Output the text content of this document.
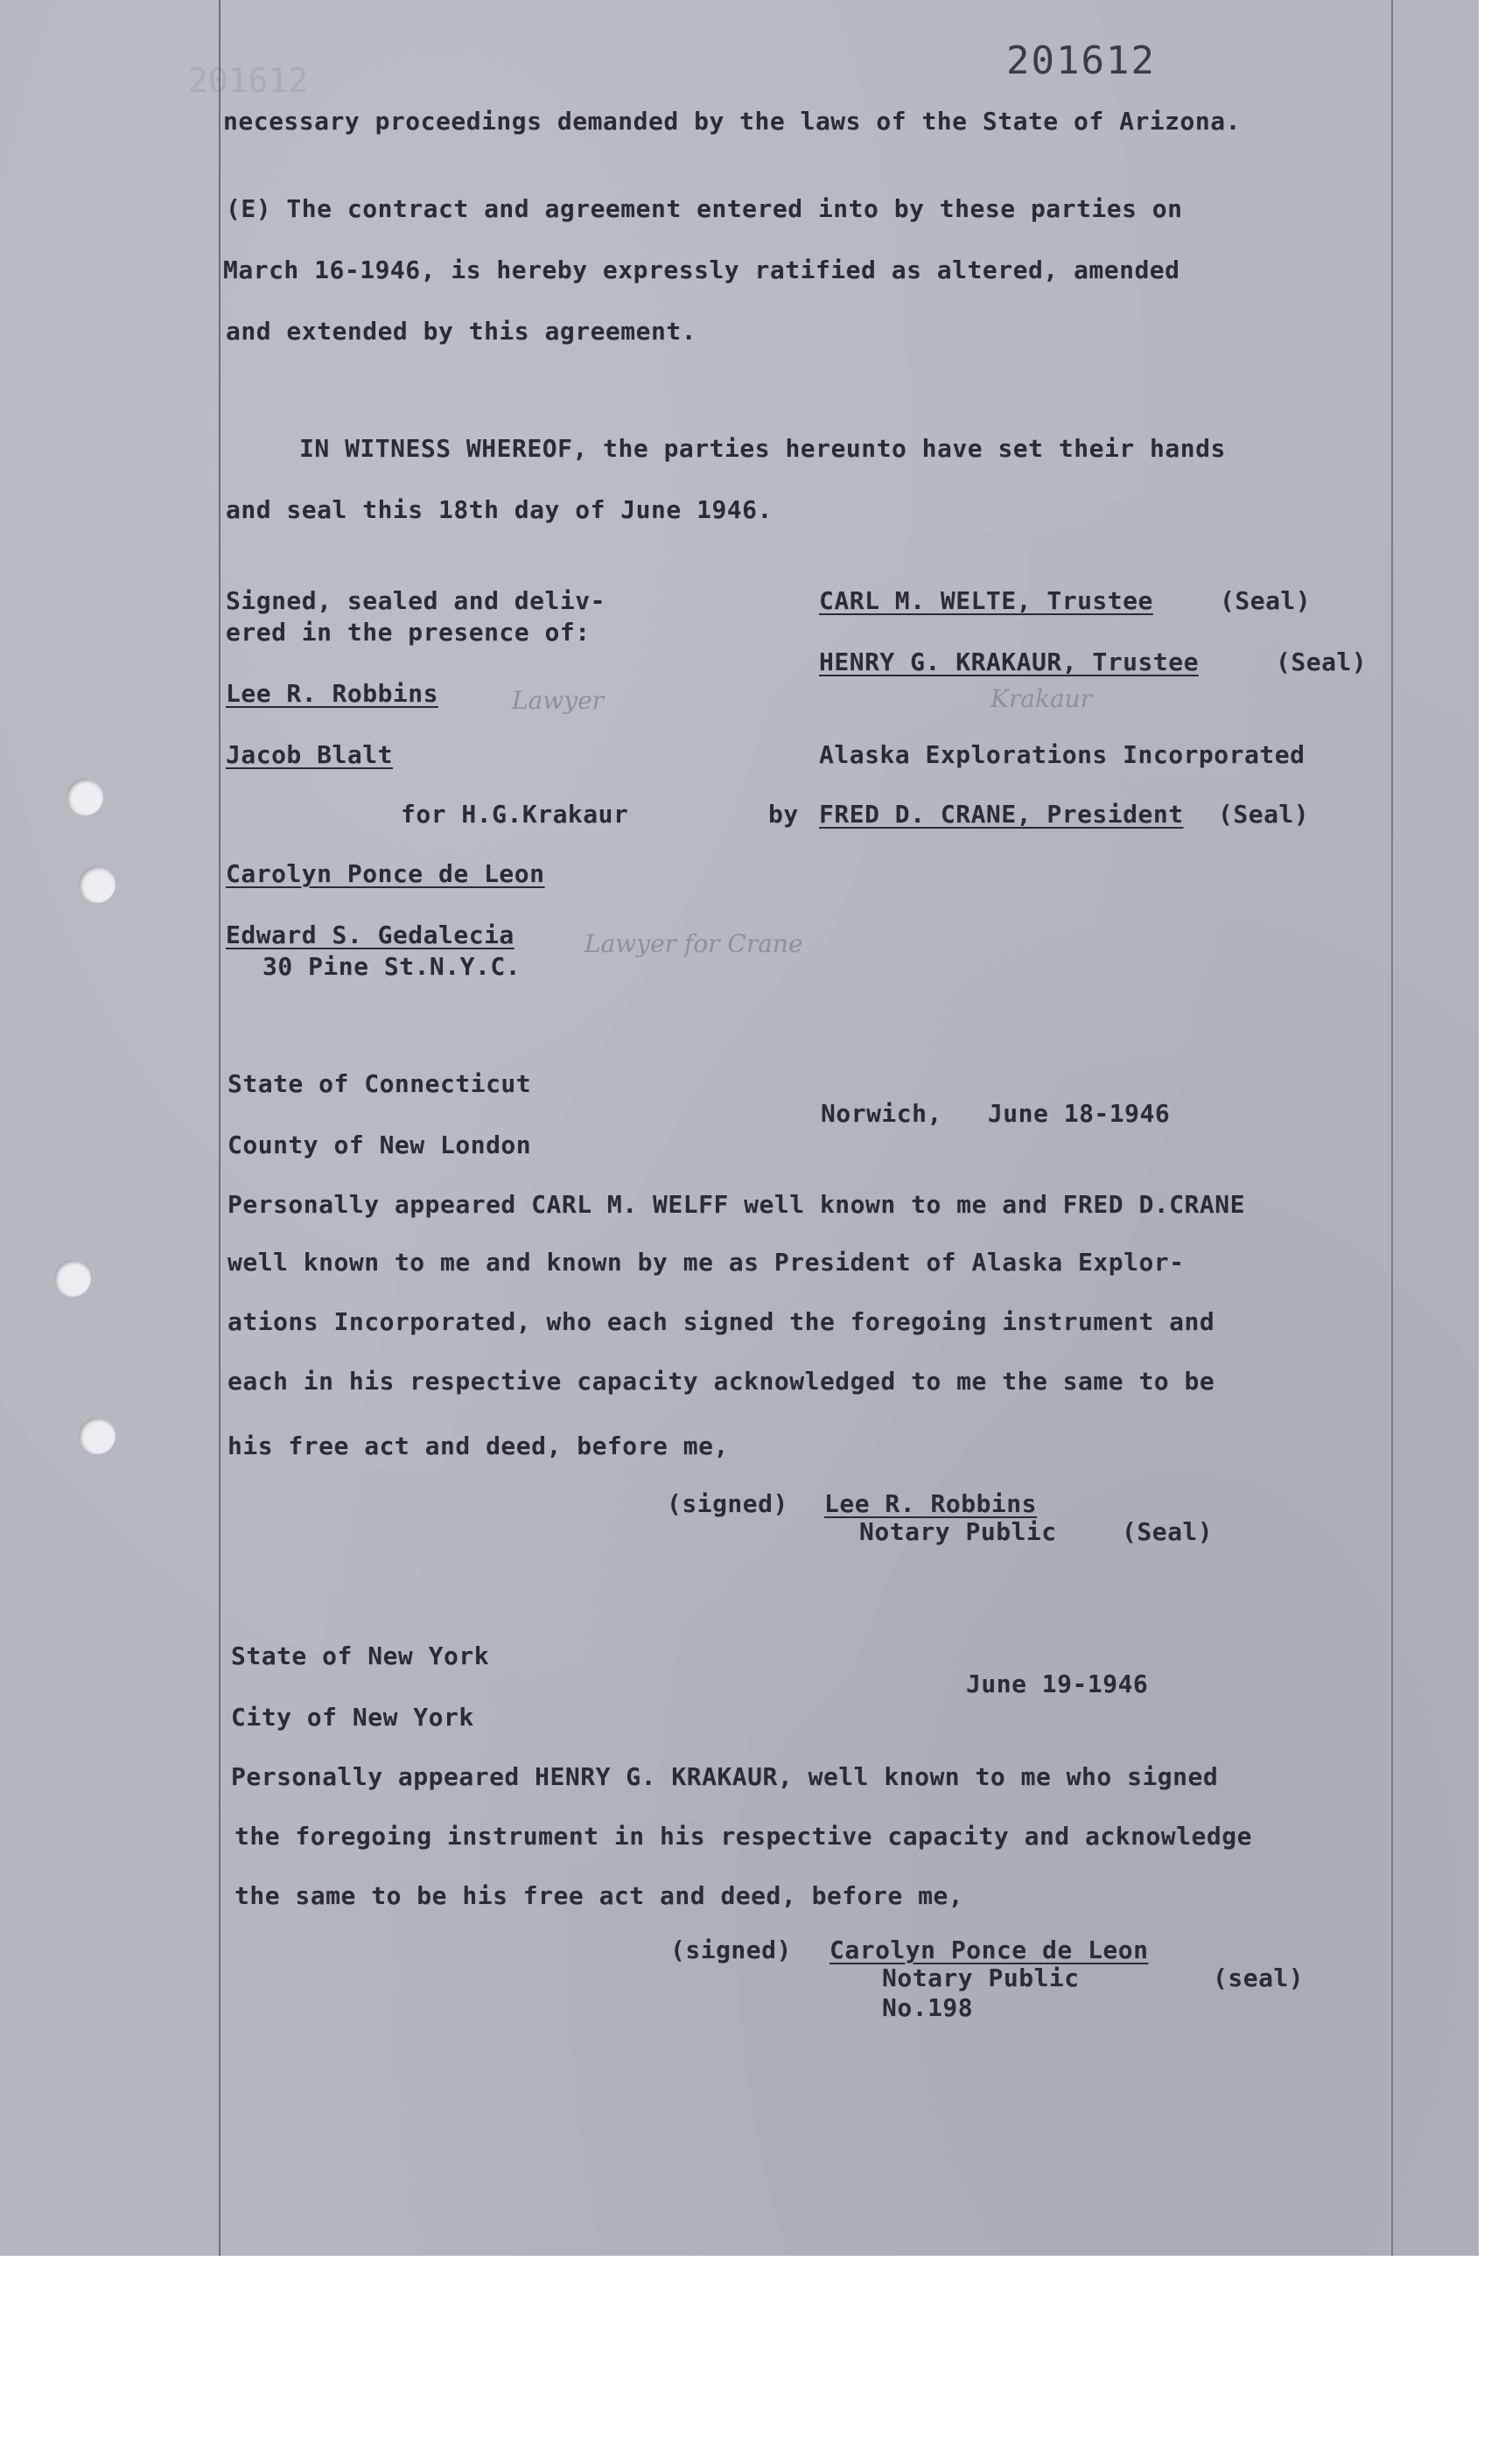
201612	201612

necessary proceedings demanded by the laws of the State of Arizona.

(E) The contract and agreement entered into by these parties on

March 16-1946, is hereby expressly ratified as altered, amended

and extended by this agreement.

IN WITNESS WHEREOF, the parties hereunto have set their hands

and seal this 18th day of June 1946.

Signed, sealed and deliv-

ered in the presence of:

Lee R. Robbins	Lawyer

Jacob Blalt

for H.G.Krakaur

Carolyn Ponce de Leon

Edward S. Gedalecia

30 Pine St.N.Y.C.

Lawyer for Crane

CARL M. WELTE, Trustee	(Seal)

HENRY G. KRAKAUR, Trustee	(Seal)

Krakaur

Alaska Explorations Incorporated

by FRED D. CRANE, President (Seal)

State of Connecticut

Norwich,   June 18-1946

County of New London

Personally appeared CARL M. WELFF well known to me and FRED D.CRANE

well known to me and known by me as President of Alaska Explor-

ations Incorporated, who each signed the foregoing instrument and

each in his respective capacity acknowledged to me the same to be

his free act and deed, before me,

(signed) Lee R. Robbins

Notary Public	(Seal)

State of New York

June 19-1946

City of New York

Personally appeared HENRY G. KRAKAUR, well known to me who signed

the foregoing instrument in his respective capacity and acknowledge

the same to be his free act and deed, before me,

(signed) Carolyn Ponce de Leon

Notary Public	(seal)

No.198
